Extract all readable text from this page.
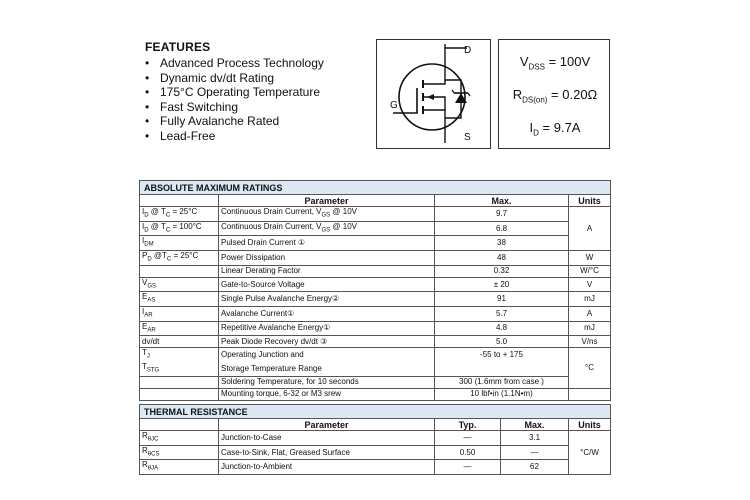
FEATURES
• Advanced Process Technology
• Dynamic dv/dt Rating
• 175°C Operating Temperature
• Fast Switching
• Fully Avalanche Rated
• Lead-Free
D
G
S
$V_{DSS} = 100V$
$R_{DS(on)} = 0.20\Omega$
$I_D = 9.7A$
ABSOLUTE MAXIMUM RATINGS			
	Parameter	Max.	Units
$I_D$ @ $T_C = 25^\circ C$	Continuous Drain Current, $V_{GS}$ @ 10V	9.7	A
$I_D$ @ $T_C = 100^\circ C$	Continuous Drain Current, $V_{GS}$ @ 10V	6.8	
$I_{DM}$	Pulsed Drain Current ①	38	
$P_D$ $@T_C = 25^\circ C$	Power Dissipation	48	W
	Linear Derating Factor	0.32	W/°C
$V_{GS}$	Gate-to-Source Voltage	± 20	V
$E_{AS}$	Single Pulse Avalanche Energy②	91	mJ
$I_{AR}$	Avalanche Current①	5.7	A
$E_{AR}$	Repetitive Avalanche Energy①	4.8	mJ
dv/dt	Peak Diode Recovery dv/dt ③	5.0	V/ns
$T_J$	Operating Junction and	-55 to + 175	°C
$T_{STG}$	Storage Temperature Range		
	Soldering Temperature, for 10 seconds	300 (1.6mm from case )	
	Mounting torque, 6-32 or M3 srew	10 lbf•in (1.1N•m)	
THERMAL RESISTANCE				
	Parameter	Typ.	Max.	Units
$R_{\theta JC}$	Junction-to-Case	—	3.1	°C/W
$R_{\theta CS}$	Case-to-Sink, Flat, Greased Surface	0.50	—	
$R_{\theta JA}$	Junction-to-Ambient	—	62	
